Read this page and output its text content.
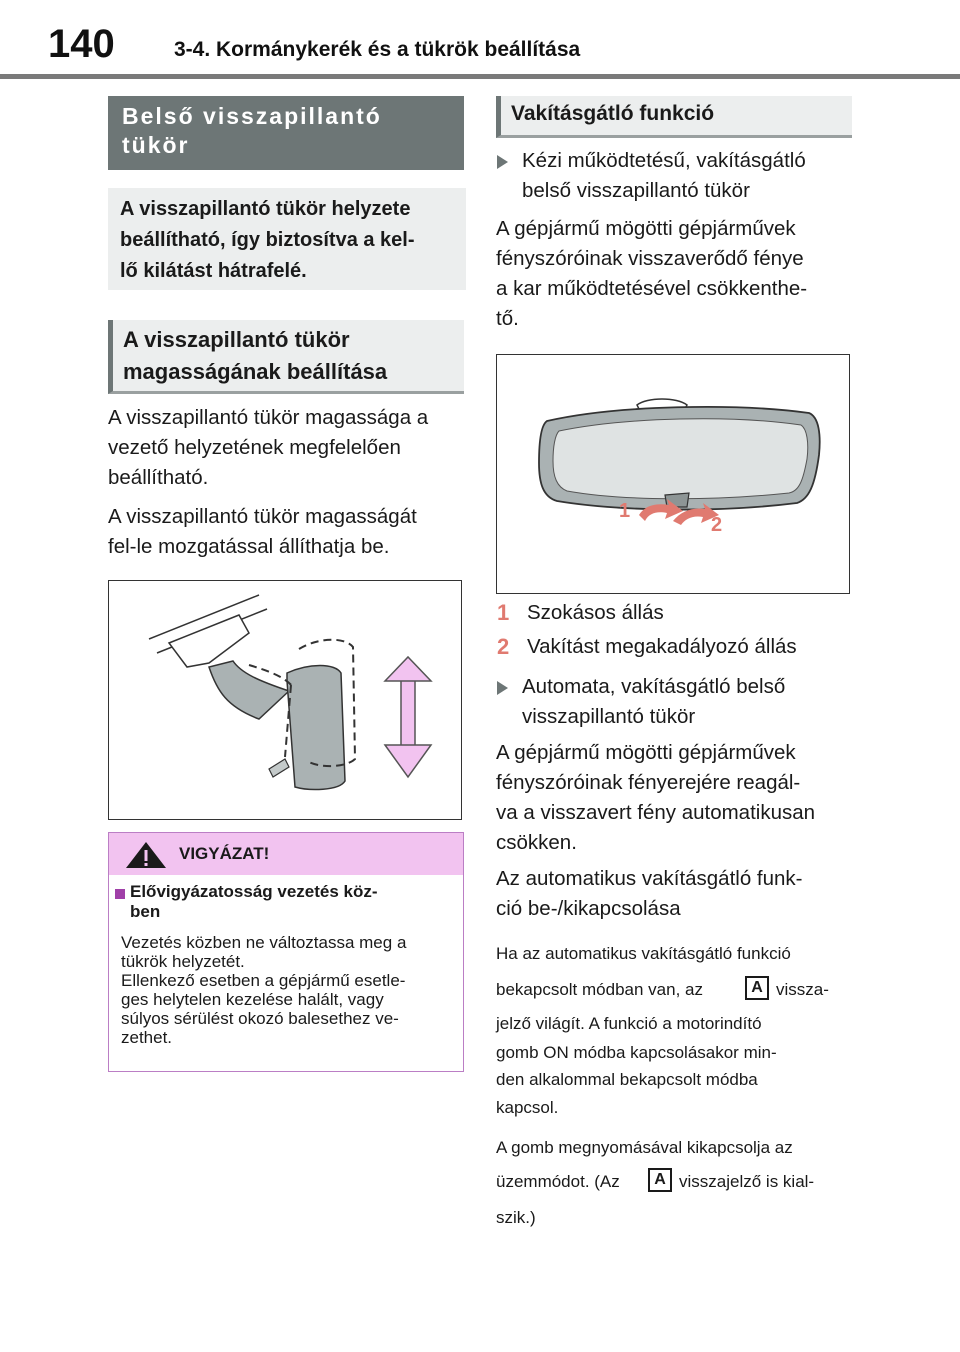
140	3-4. Kormánykerék és a tükrök beállítása
Belső visszapillantó
tükör
A visszapillantó tükör helyzete
beállítható, így biztosítva a kel-
lő kilátást hátrafelé.
A visszapillantó tükör
magasságának beállítása
A visszapillantó tükör magassága a
vezető helyzetének megfelelően
beállítható.
A visszapillantó tükör magasságát
fel-le mozgatással állíthatja be.
VIGYÁZAT!
Elővigyázatosság vezetés köz-
ben
Vezetés közben ne változtassa meg a
tükrök helyzetét.
Ellenkező esetben a gépjármű esetle-
ges helytelen kezelése halált, vagy
súlyos sérülést okozó balesethez ve-
zethet.
Vakításgátló funkció
Kézi működtetésű, vakításgátló
belső visszapillantó tükör
A gépjármű mögötti gépjárművek
fényszóróinak visszaverődő fénye
a kar működtetésével csökkenthe-
tő.
1
2
1 Szokásos állás
2 Vakítást megakadályozó állás
Automata, vakításgátló belső
visszapillantó tükör
A gépjármű mögötti gépjárművek
fényszóróinak fényerejére reagál-
va a visszavert fény automatikusan
csökken.
Az automatikus vakításgátló funk-
ció be-/kikapcsolása
Ha az automatikus vakításgátló funkció
bekapcsolt módban van, az	A vissza-
jelző világít. A funkció a motorindító
gomb ON módba kapcsolásakor min-
den alkalommal bekapcsolt módba
kapcsol.
A gomb megnyomásával kikapcsolja az
üzemmódot. (Az	A visszajelző is kial-
szik.)
